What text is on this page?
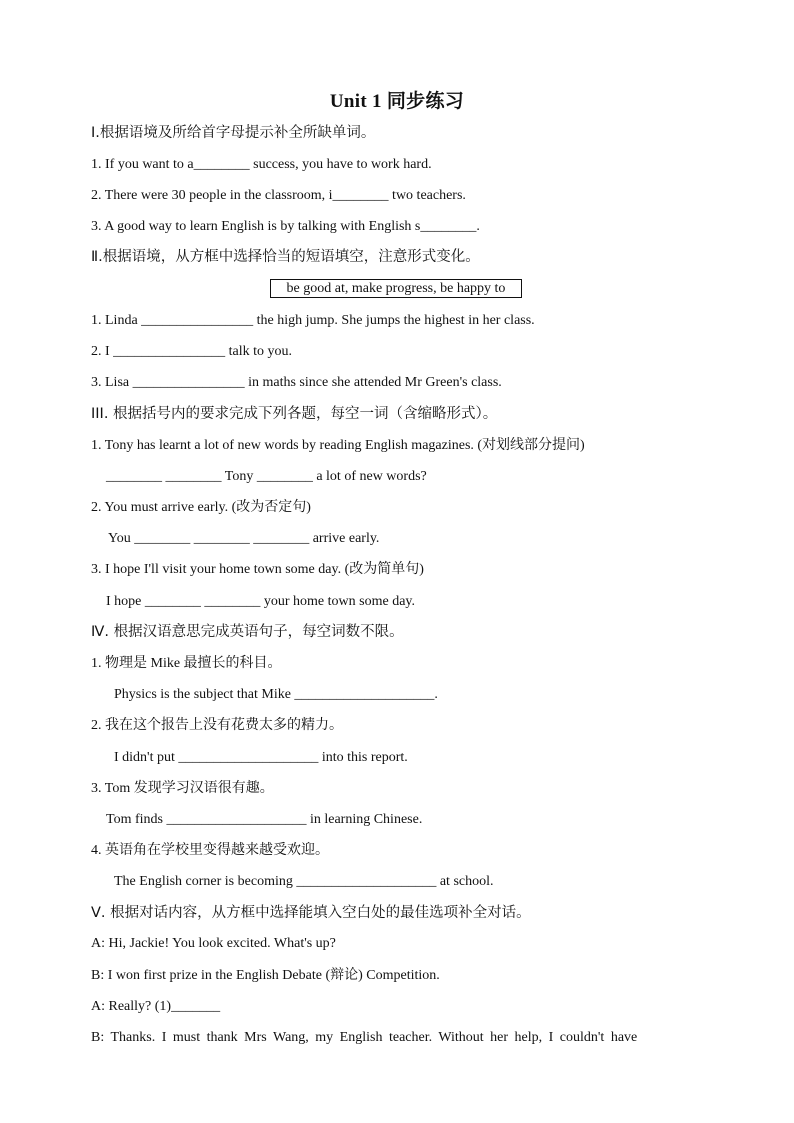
Unit 1 同步练习
Ⅰ.根据语境及所给首字母提示补全所缺单词。
1. If you want to a________ success, you have to work hard.
2. There were 30 people in the classroom, i________ two teachers.
3. A good way to learn English is by talking with English s________.
Ⅱ.根据语境，从方框中选择恰当的短语填空，注意形式变化。
be good at, make progress, be happy to
1. Linda ________________ the high jump. She jumps the highest in her class.
2. I ________________ talk to you.
3. Lisa ________________ in maths since she attended Mr Green's class.
III. 根据括号内的要求完成下列各题，每空一词（含缩略形式）。
1. Tony has learnt a lot of new words by reading English magazines. (对划线部分提问)
________ ________ Tony ________ a lot of new words?
2. You must arrive early. (改为否定句)
You ________ ________ ________ arrive early.
3. I hope I'll visit your home town some day. (改为简单句)
I hope ________ ________ your home town some day.
Ⅳ. 根据汉语意思完成英语句子，每空词数不限。
1. 物理是 Mike 最擅长的科目。
Physics is the subject that Mike ____________________.
2. 我在这个报告上没有花费太多的精力。
I didn't put ____________________ into this report.
3. Tom 发现学习汉语很有趣。
Tom finds ____________________ in learning Chinese.
4. 英语角在学校里变得越来越受欢迎。
The English corner is becoming ____________________ at school.
Ⅴ. 根据对话内容，从方框中选择能填入空白处的最佳选项补全对话。
A: Hi, Jackie! You look excited. What's up?
B: I won first prize in the English Debate (辩论) Competition.
A: Really? (1)_______
B: Thanks. I must thank Mrs Wang, my English teacher. Without her help, I couldn't have
